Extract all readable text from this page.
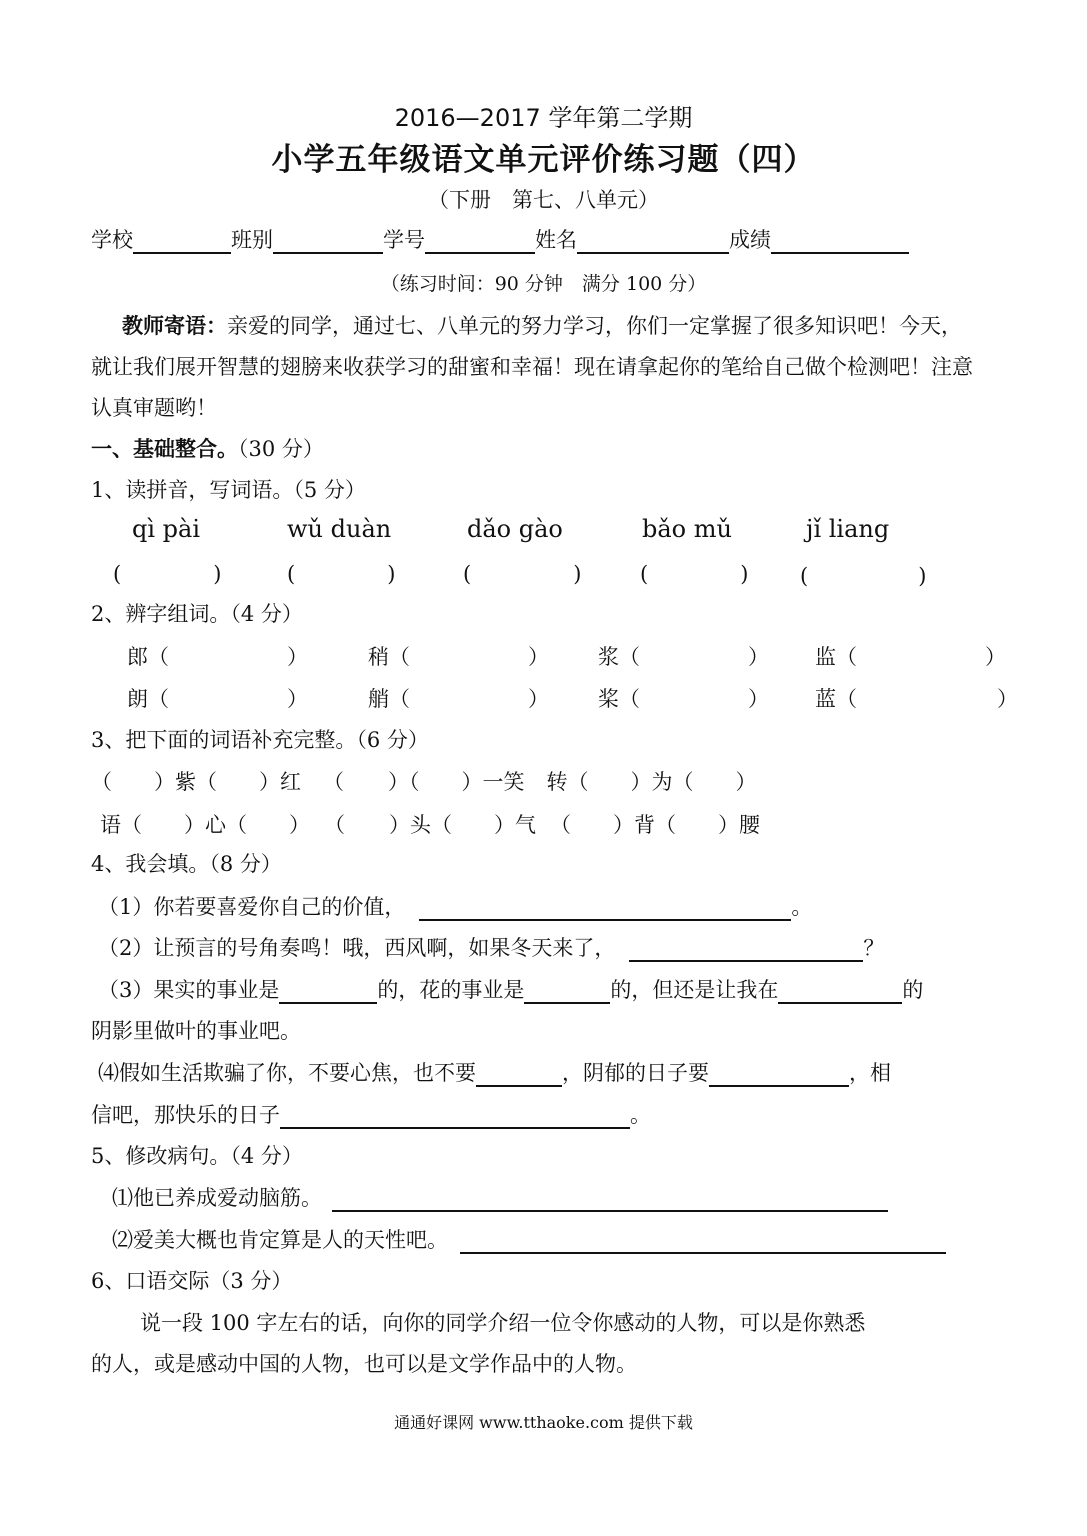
2016—2017 学年第二学期
小学五年级语文单元评价练习题（四）
（下册　第七、八单元）
学校	班别	学号	姓名	成绩
（练习时间：90 分钟　满分 100 分）
教师寄语：亲爱的同学，通过七、八单元的努力学习，你们一定掌握了很多知识吧！今天，
就让我们展开智慧的翅膀来收获学习的甜蜜和幸福！现在请拿起你的笔给自己做个检测吧！注意
认真审题哟！
一、基础整合。（30 分）
1、读拼音，写词语。（5 分）
qì pài	wǔ duàn	dǎo gào	bǎo mǔ	jǐ liang
(	)	(	)	(	)	(	) (	)
2、辨字组词。（4 分）
郎（	）	稍（	） 浆（	） 监（	）
朗（	）	艄（	） 桨（	） 蓝（	）
3、把下面的词语补充完整。（6 分）
（ ）紫（ ）红 （ ）（ ）一笑 转（ ）为（ ）
语（ ）心（ ） （ ）头（ ）气 （ ）背（ ）腰
4、我会填。（8 分）
（1）你若要喜爱你自己的价值，	。
（2）让预言的号角奏鸣！哦，西风啊，如果冬天来了，	？
（3）果实的事业是	的，花的事业是	的，但还是让我在	的
阴影里做叶的事业吧。
⑷假如生活欺骗了你，不要心焦，也不要	，阴郁的日子要	，相
信吧，那快乐的日子	。
5、修改病句。（4 分）
⑴他已养成爱动脑筋。
⑵爱美大概也肯定算是人的天性吧。
6、口语交际（3 分）
说一段 100 字左右的话，向你的同学介绍一位令你感动的人物，可以是你熟悉
的人，或是感动中国的人物，也可以是文学作品中的人物。
通通好课网 www.tthaoke.com 提供下载
